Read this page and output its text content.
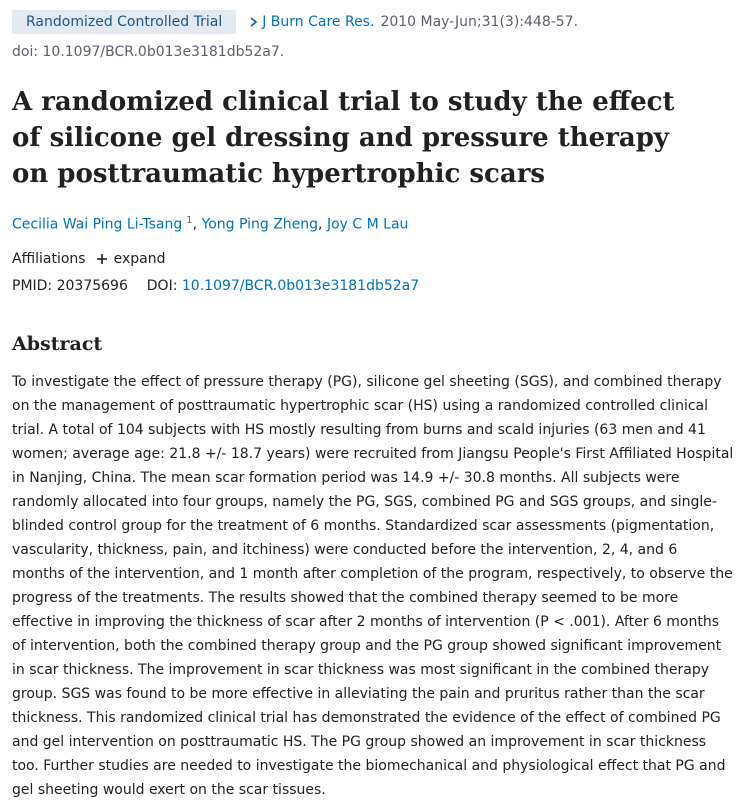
Randomized Controlled Trial	J Burn Care Res. 2010 May-Jun;31(3):448-57.
doi: 10.1097/BCR.0b013e3181db52a7.
A randomized clinical trial to study the effect of silicone gel dressing and pressure therapy on posttraumatic hypertrophic scars
Cecilia Wai Ping Li-Tsang $^1$, Yong Ping Zheng, Joy C M Lau
Affiliations expand
PMID: 20375696 DOI: 10.1097/BCR.0b013e3181db52a7
Abstract

To investigate the effect of pressure therapy (PG), silicone gel sheeting (SGS), and combined therapy on the management of posttraumatic hypertrophic scar (HS) using a randomized controlled clinical trial. A total of 104 subjects with HS mostly resulting from burns and scald injuries (63 men and 41 women; average age: 21.8 +/- 18.7 years) were recruited from Jiangsu People's First Affiliated Hospital in Nanjing, China. The mean scar formation period was 14.9 +/- 30.8 months. All subjects were randomly allocated into four groups, namely the PG, SGS, combined PG and SGS groups, and single-blinded control group for the treatment of 6 months. Standardized scar assessments (pigmentation, vascularity, thickness, pain, and itchiness) were conducted before the intervention, 2, 4, and 6 months of the intervention, and 1 month after completion of the program, respectively, to observe the progress of the treatments. The results showed that the combined therapy seemed to be more effective in improving the thickness of scar after 2 months of intervention (P < .001). After 6 months of intervention, both the combined therapy group and the PG group showed significant improvement in scar thickness. The improvement in scar thickness was most significant in the combined therapy group. SGS was found to be more effective in alleviating the pain and pruritus rather than the scar thickness. This randomized clinical trial has demonstrated the evidence of the effect of combined PG and gel intervention on posttraumatic HS. The PG group showed an improvement in scar thickness too. Further studies are needed to investigate the biomechanical and physiological effect that PG and gel sheeting would exert on the scar tissues.
